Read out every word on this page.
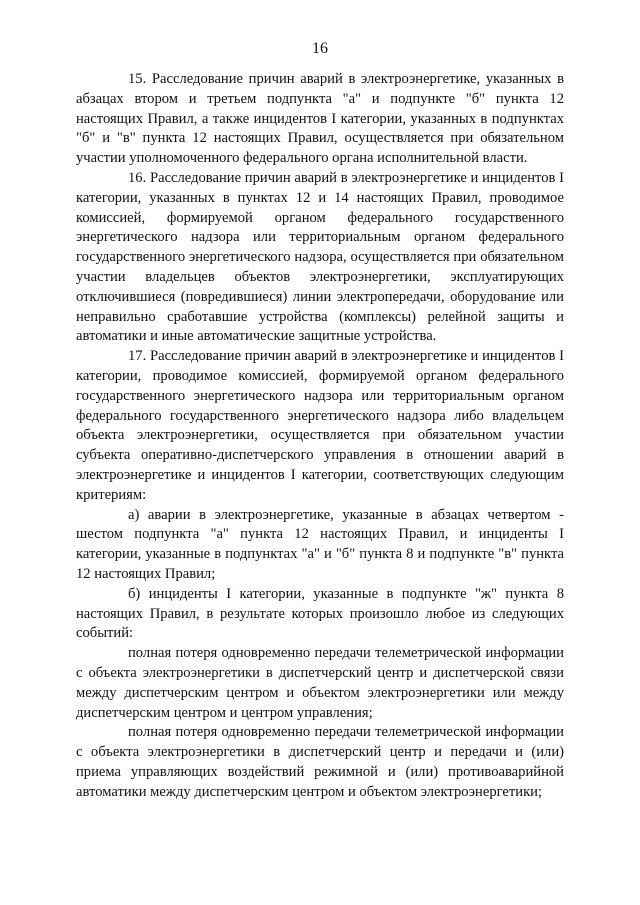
16

15. Расследование причин аварий в электроэнергетике, указанных в абзацах втором и третьем подпункта "а" и подпункте "б" пункта 12 настоящих Правил, а также инцидентов I категории, указанных в подпунктах "б" и "в" пункта 12 настоящих Правил, осуществляется при обязательном участии уполномоченного федерального органа исполнительной власти.

16. Расследование причин аварий в электроэнергетике и инцидентов I категории, указанных в пунктах 12 и 14 настоящих Правил, проводимое комиссией, формируемой органом федерального государственного энергетического надзора или территориальным органом федерального государственного энергетического надзора, осуществляется при обязательном участии владельцев объектов электроэнергетики, эксплуатирующих отключившиеся (повредившиеся) линии электропередачи, оборудование или неправильно сработавшие устройства (комплексы) релейной защиты и автоматики и иные автоматические защитные устройства.

17. Расследование причин аварий в электроэнергетике и инцидентов I категории, проводимое комиссией, формируемой органом федерального государственного энергетического надзора или территориальным органом федерального государственного энергетического надзора либо владельцем объекта электроэнергетики, осуществляется при обязательном участии субъекта оперативно-диспетчерского управления в отношении аварий в электроэнергетике и инцидентов I категории, соответствующих следующим критериям:

а) аварии в электроэнергетике, указанные в абзацах четвертом - шестом подпункта "а" пункта 12 настоящих Правил, и инциденты I категории, указанные в подпунктах "а" и "б" пункта 8 и подпункте "в" пункта 12 настоящих Правил;

б) инциденты I категории, указанные в подпункте "ж" пункта 8 настоящих Правил, в результате которых произошло любое из следующих событий:

полная потеря одновременно передачи телеметрической информации с объекта электроэнергетики в диспетчерский центр и диспетчерской связи между диспетчерским центром и объектом электроэнергетики или между диспетчерским центром и центром управления;

полная потеря одновременно передачи телеметрической информации с объекта электроэнергетики в диспетчерский центр и передачи и (или) приема управляющих воздействий режимной и (или) противоаварийной автоматики между диспетчерским центром и объектом электроэнергетики;
